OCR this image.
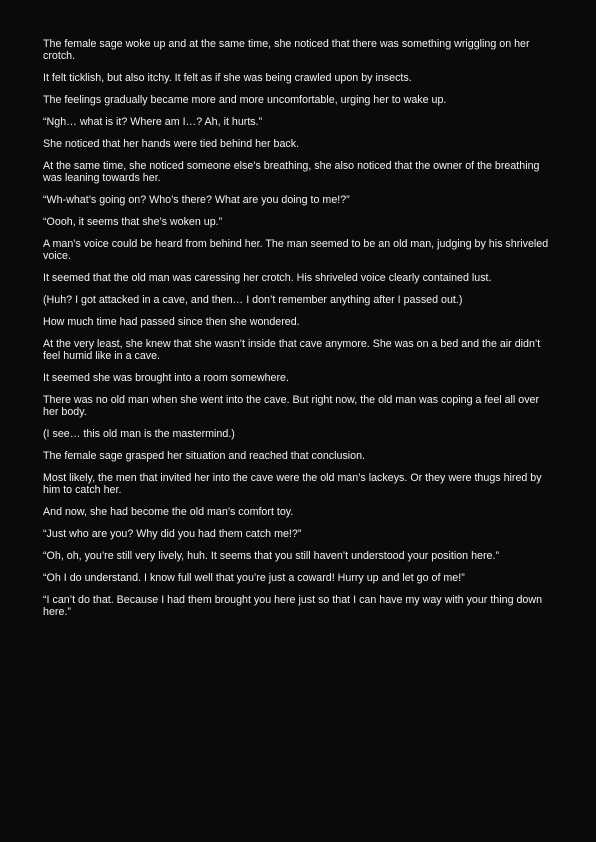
The female sage woke up and at the same time, she noticed that there was something wriggling on her crotch.

It felt ticklish, but also itchy. It felt as if she was being crawled upon by insects.

The feelings gradually became more and more uncomfortable, urging her to wake up.

“Ngh… what is it? Where am I…? Ah, it hurts.”

She noticed that her hands were tied behind her back.

At the same time, she noticed someone else’s breathing, she also noticed that the owner of the breathing was leaning towards her.

“Wh-what’s going on? Who’s there? What are you doing to me!?”

“Oooh, it seems that she’s woken up.”

A man’s voice could be heard from behind her. The man seemed to be an old man, judging by his shriveled voice.

It seemed that the old man was caressing her crotch. His shriveled voice clearly contained lust.

(Huh? I got attacked in a cave, and then… I don’t remember anything after I passed out.)

How much time had passed since then she wondered.

At the very least, she knew that she wasn’t inside that cave anymore. She was on a bed and the air didn’t feel humid like in a cave.

It seemed she was brought into a room somewhere.

There was no old man when she went into the cave. But right now, the old man was coping a feel all over her body.

(I see… this old man is the mastermind.)

The female sage grasped her situation and reached that conclusion.

Most likely, the men that invited her into the cave were the old man’s lackeys. Or they were thugs hired by him to catch her.

And now, she had become the old man’s comfort toy.

“Just who are you? Why did you had them catch me!?”

“Oh, oh, you’re still very lively, huh. It seems that you still haven’t understood your position here.”

“Oh I do understand. I know full well that you’re just a coward! Hurry up and let go of me!”

“I can’t do that. Because I had them brought you here just so that I can have my way with your thing down here.”
